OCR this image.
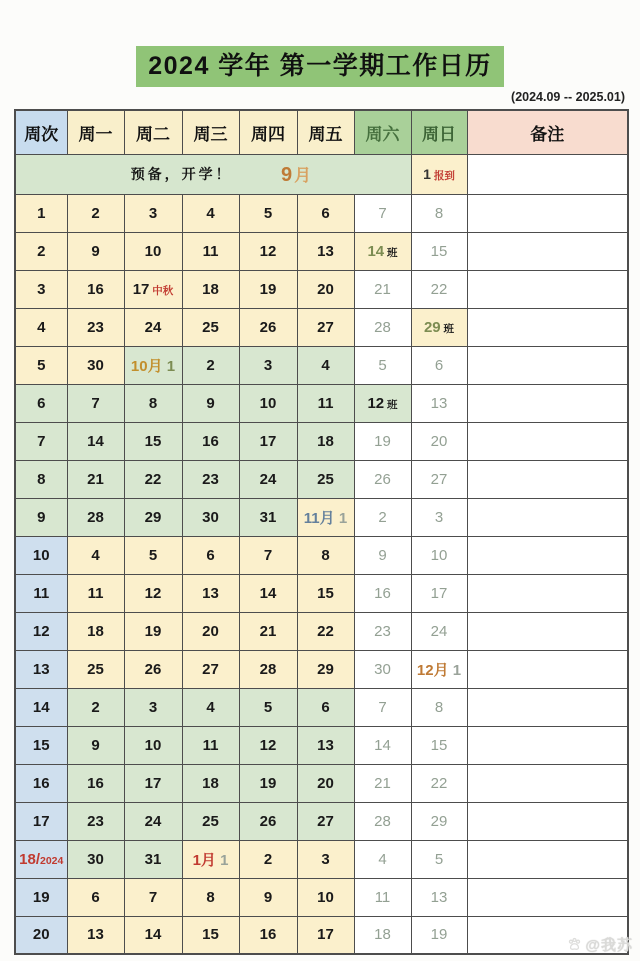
2024 学年 第一学期工作日历
(2024.09 -- 2025.01)
周次	周一	周二	周三	周四	周五	周六	周日	备注

预备，开学！ 9 月							1 报到	
1	2	3	4	5	6	7	8	
2	9	10	11	12	13	14 班	15	
3	16	17 中秋	18	19	20	21	22	
4	23	24	25	26	27	28	29 班	
5	30	10月 1	2	3	4	5	6	
6	7	8	9	10	11	12 班	13	
7	14	15	16	17	18	19	20	
8	21	22	23	24	25	26	27	
9	28	29	30	31	11月 1	2	3	
10	4	5	6	7	8	9	10	
11	11	12	13	14	15	16	17	
12	18	19	20	21	22	23	24	
13	25	26	27	28	29	30	12月 1	
14	2	3	4	5	6	7	8	
15	9	10	11	12	13	14	15	
16	16	17	18	19	20	21	22	
17	23	24	25	26	27	28	29	
18/2024	30	31	1月 1	2	3	4	5	
19	6	7	8	9	10	11	13	
20	13	14	15	16	17	18	19	
@我苏
